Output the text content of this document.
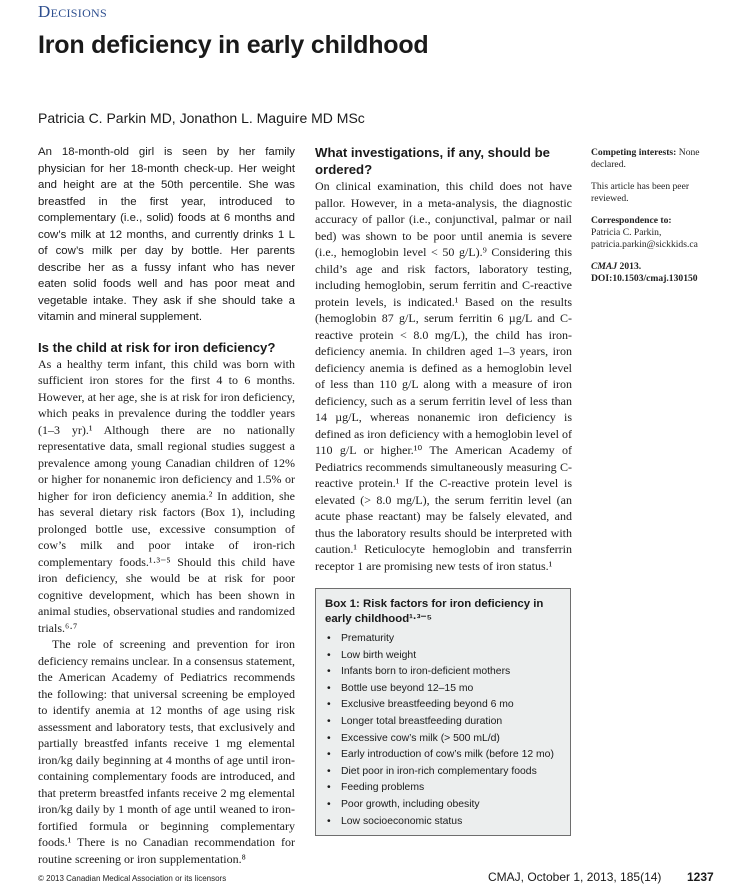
Decisions
Iron deficiency in early childhood
Patricia C. Parkin MD, Jonathon L. Maguire MD MSc

An 18-month-old girl is seen by her family physician for her 18-month check-up. Her weight and height are at the 50th percentile. She was breastfed in the first year, introduced to complementary (i.e., solid) foods at 6 months and cow’s milk at 12 months, and currently drinks 1 L of cow’s milk per day by bottle. Her parents describe her as a fussy infant who has never eaten solid foods well and has poor meat and vegetable intake. They ask if she should take a vitamin and mineral supplement.

Is the child at risk for iron deficiency?

As a healthy term infant, this child was born with sufficient iron stores for the first 4 to 6 months. However, at her age, she is at risk for iron deficiency, which peaks in prevalence during the toddler years (1–3 yr).¹ Although there are no nationally representative data, small regional studies suggest a prevalence among young Canadian children of 12% or higher for nonanemic iron deficiency and 1.5% or higher for iron deficiency anemia.² In addition, she has several dietary risk factors (Box 1), including prolonged bottle use, excessive consumption of cow’s milk and poor intake of iron-rich complementary foods.¹·³⁻⁵ Should this child have iron deficiency, she would be at risk for poor cognitive development, which has been shown in animal studies, observational studies and randomized trials.⁶·⁷

The role of screening and prevention for iron deficiency remains unclear. In a consensus statement, the American Academy of Pediatrics recommends the following: that universal screening be employed to identify anemia at 12 months of age using risk assessment and laboratory tests, that exclusively and partially breastfed infants receive 1 mg elemental iron/kg daily beginning at 4 months of age until iron-containing complementary foods are introduced, and that preterm breastfed infants receive 2 mg elemental iron/kg daily by 1 month of age until weaned to iron-fortified formula or beginning complementary foods.¹ There is no Canadian recommendation for routine screening or iron supplementation.⁸

What investigations, if any, should be ordered?

On clinical examination, this child does not have pallor. However, in a meta-analysis, the diagnostic accuracy of pallor (i.e., conjunctival, palmar or nail bed) was shown to be poor until anemia is severe (i.e., hemoglobin level < 50 g/L).⁹ Considering this child’s age and risk factors, laboratory testing, including hemoglobin, serum ferritin and C-reactive protein levels, is indicated.¹ Based on the results (hemoglobin 87 g/L, serum ferritin 6 µg/L and C-reactive protein < 8.0 mg/L), the child has iron-deficiency anemia. In children aged 1–3 years, iron deficiency anemia is defined as a hemoglobin level of less than 110 g/L along with a measure of iron deficiency, such as a serum ferritin level of less than 14 µg/L, whereas nonanemic iron deficiency is defined as iron deficiency with a hemoglobin level of 110 g/L or higher.¹⁰ The American Academy of Pediatrics recommends simultaneously measuring C-reactive protein.¹ If the C-reactive protein level is elevated (> 8.0 mg/L), the serum ferritin level (an acute phase reactant) may be falsely elevated, and thus the laboratory results should be interpreted with caution.¹ Reticulocyte hemoglobin and transferrin receptor 1 are promising new tests of iron status.¹

Box 1: Risk factors for iron deficiency in early childhood¹·³⁻⁵

• Prematurity
• Low birth weight
• Infants born to iron-deficient mothers
• Bottle use beyond 12–15 mo
• Exclusive breastfeeding beyond 6 mo
• Longer total breastfeeding duration
• Excessive cow’s milk (> 500 mL/d)
• Early introduction of cow’s milk (before 12 mo)
• Diet poor in iron-rich complementary foods
• Feeding problems
• Poor growth, including obesity
• Low socioeconomic status

Competing interests: None declared.

This article has been peer reviewed.

Correspondence to:
Patricia C. Parkin,
patricia.parkin@sickkids.ca

CMAJ 2013. DOI:10.1503/cmaj.130150

© 2013 Canadian Medical Association or its licensors	CMAJ, October 1, 2013, 185(14) 1237
